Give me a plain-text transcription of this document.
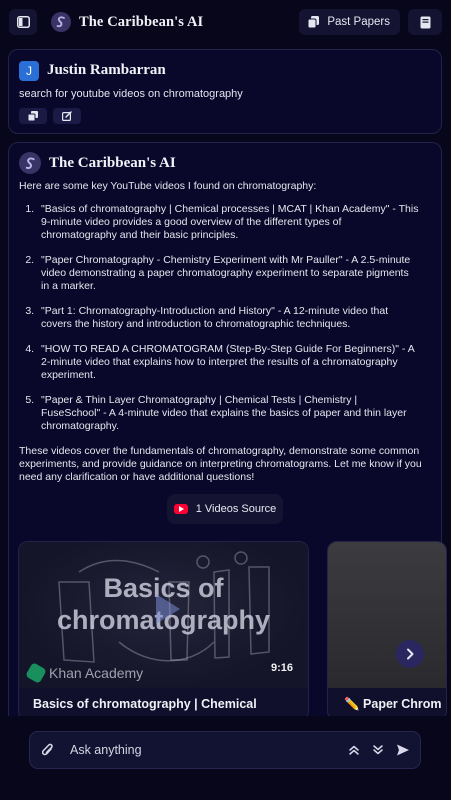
The Caribbean's AI	Past Papers
J	Justin Rambarran
search for youtube videos on chromatography
The Caribbean's AI
Here are some key YouTube videos I found on chromatography:
1. "Basics of chromatography | Chemical processes | MCAT | Khan Academy" - This 9-minute video provides a good overview of the different types of chromatography and their basic principles.
2. "Paper Chromatography - Chemistry Experiment with Mr Pauller" - A 2.5-minute video demonstrating a paper chromatography experiment to separate pigments in a marker.
3. "Part 1: Chromatography-Introduction and History" - A 12-minute video that covers the history and introduction to chromatographic techniques.
4. "HOW TO READ A CHROMATOGRAM (Step-By-Step Guide For Beginners)" - A 2-minute video that explains how to interpret the results of a chromatography experiment.
5. "Paper & Thin Layer Chromatography | Chemical Tests | Chemistry | FuseSchool" - A 4-minute video that explains the basics of paper and thin layer chromatography.
These videos cover the fundamentals of chromatography, demonstrate some common experiments, and provide guidance on interpreting chromatograms. Let me know if you need any clarification or have additional questions!
1 Videos Source
Basics of
chromatography
Khan Academy	9:16
Basics of chromatography | Chemical	✏️ Paper Chrom
Ask anything
